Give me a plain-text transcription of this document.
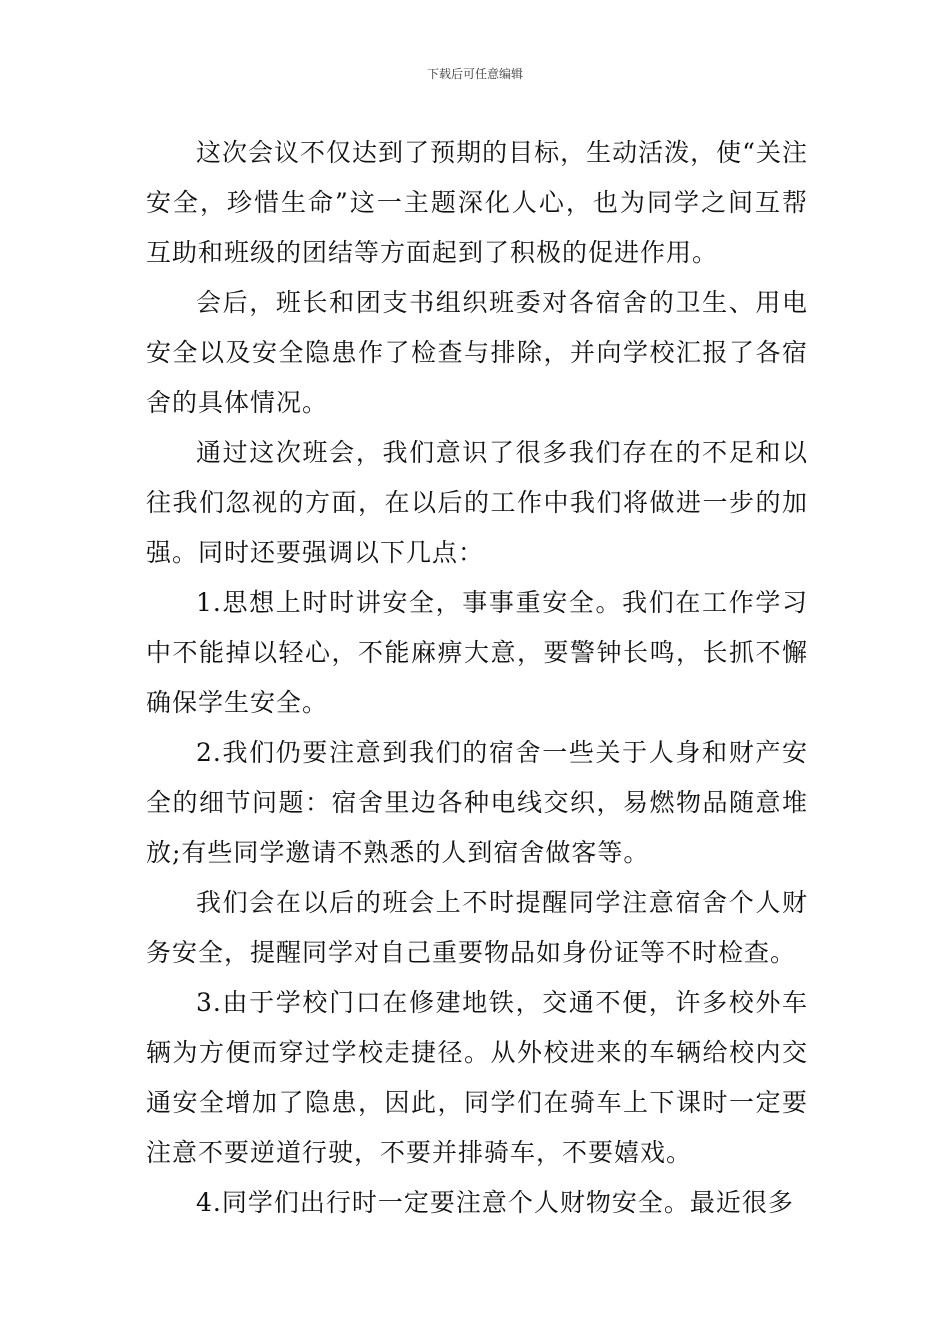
下载后可任意编辑

这次会议不仅达到了预期的目标，生动活泼，使“关注安全，珍惜生命”这一主题深化人心，也为同学之间互帮互助和班级的团结等方面起到了积极的促进作用。

会后，班长和团支书组织班委对各宿舍的卫生、用电安全以及安全隐患作了检查与排除，并向学校汇报了各宿舍的具体情况。

通过这次班会，我们意识了很多我们存在的不足和以往我们忽视的方面，在以后的工作中我们将做进一步的加强。同时还要强调以下几点：

1.思想上时时讲安全，事事重安全。我们在工作学习中不能掉以轻心，不能麻痹大意，要警钟长鸣，长抓不懈确保学生安全。

2.我们仍要注意到我们的宿舍一些关于人身和财产安全的细节问题：宿舍里边各种电线交织，易燃物品随意堆放;有些同学邀请不熟悉的人到宿舍做客等。

我们会在以后的班会上不时提醒同学注意宿舍个人财务安全，提醒同学对自己重要物品如身份证等不时检查。

3.由于学校门口在修建地铁，交通不便，许多校外车辆为方便而穿过学校走捷径。从外校进来的车辆给校内交通安全增加了隐患，因此，同学们在骑车上下课时一定要注意不要逆道行驶，不要并排骑车，不要嬉戏。

4.同学们出行时一定要注意个人财物安全。最近很多
